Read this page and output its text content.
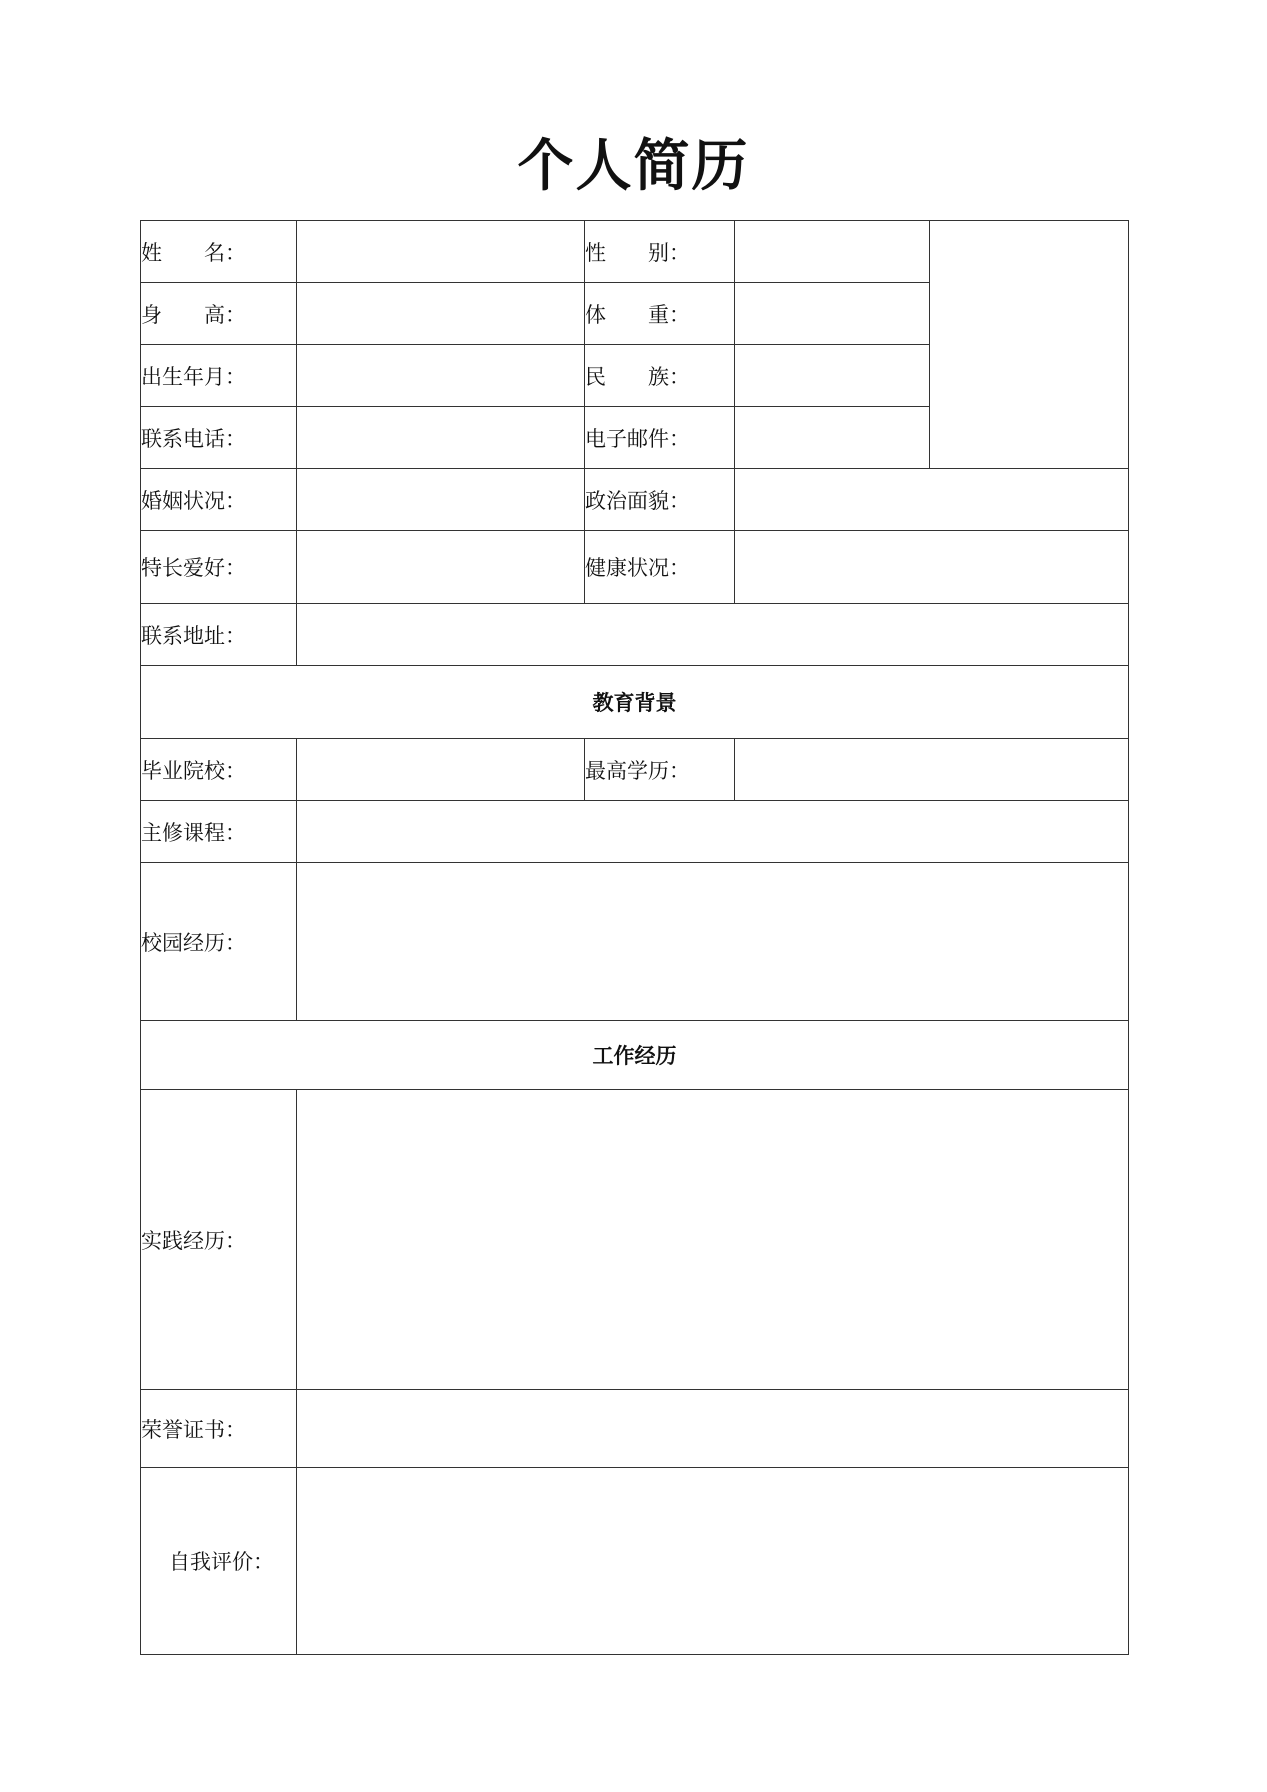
个人简历
姓　　名：		性　　别：		
身　　高：		体　　重：		
出生年月：		民　　族：		
联系电话：		电子邮件：		
婚姻状况：		政治面貌：		
特长爱好：		健康状况：		
联系地址：				
教育背景				
毕业院校：		最高学历：		
主修课程：				
校园经历：				
工作经历				
实践经历：				
荣誉证书：				
自我评价：				
